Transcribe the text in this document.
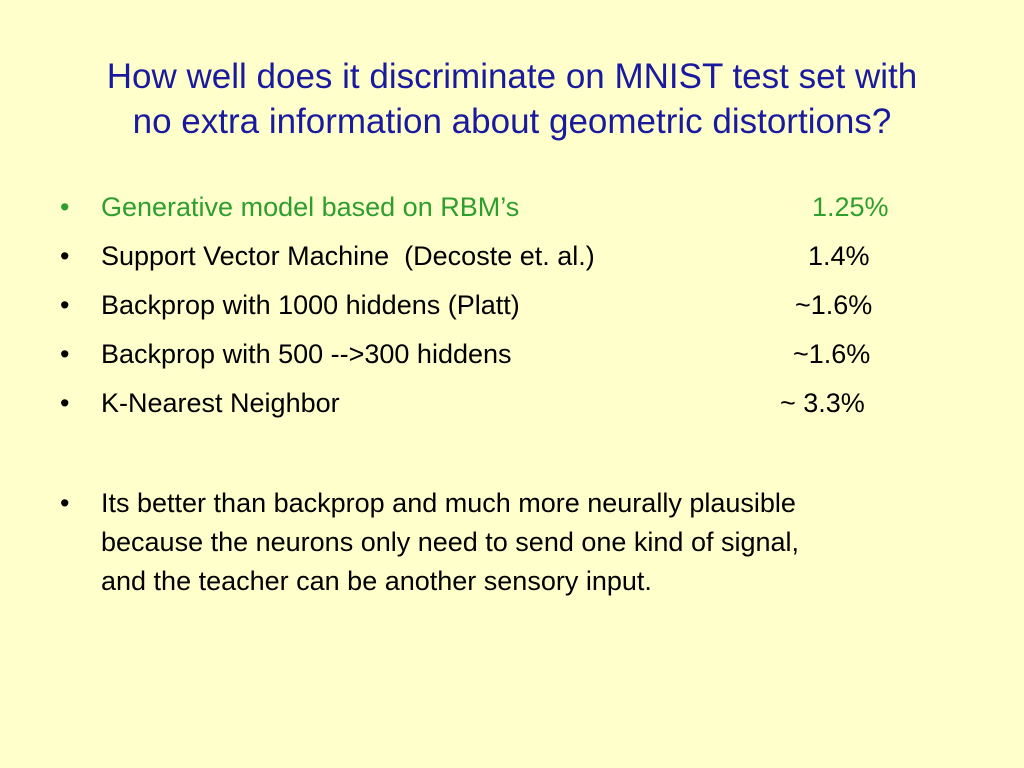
How well does it discriminate on MNIST test set with
no extra information about geometric distortions?
• Generative model based on RBM’s	1.25%
• Support Vector Machine  (Decoste et. al.)	1.4%
• Backprop with 1000 hiddens (Platt)	~1.6%
• Backprop with 500 -->300 hiddens	~1.6%
• K-Nearest Neighbor	~ 3.3%
• Its better than backprop and much more neurally plausible
because the neurons only need to send one kind of signal,
and the teacher can be another sensory input.
